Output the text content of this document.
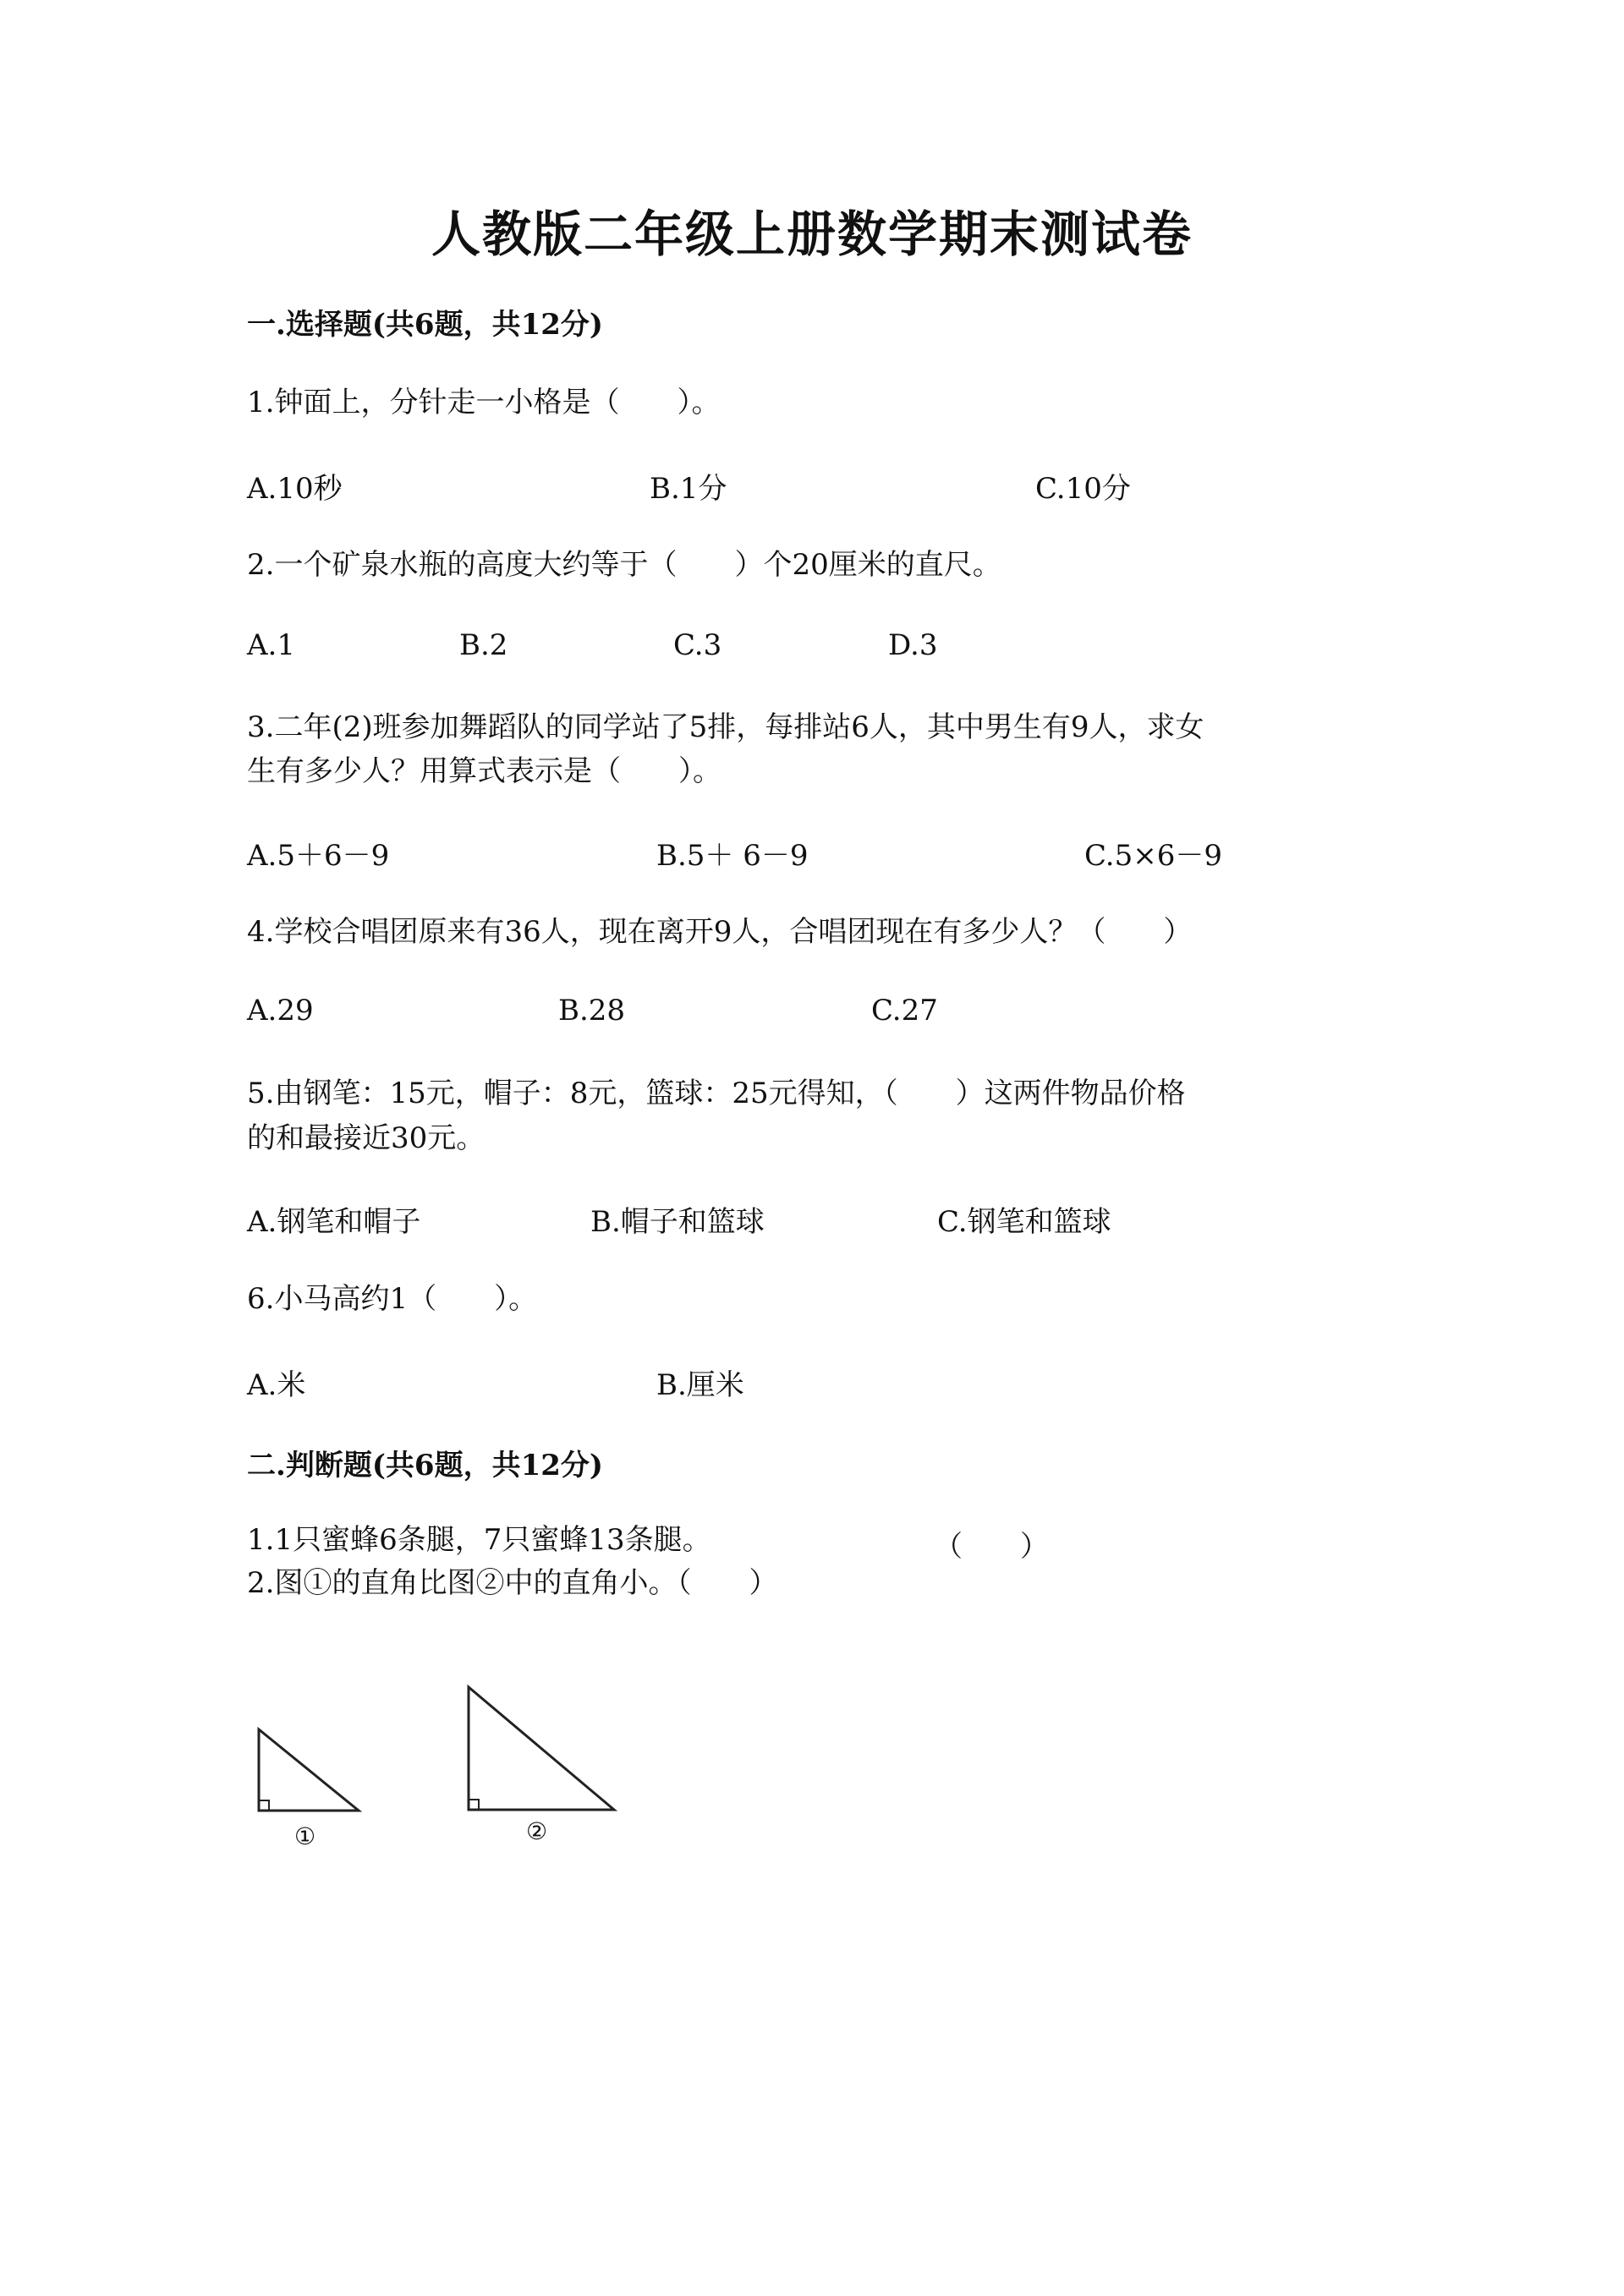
人教版二年级上册数学期末测试卷
一.选择题(共6题，共12分)
1.钟面上，分针走一小格是（　　）。
A.10秒	B.1分	C.10分
2.一个矿泉水瓶的高度大约等于（　　）个20厘米的直尺。
A.1	B.2	C.3	D.3
3.二年(2)班参加舞蹈队的同学站了5排，每排站6人，其中男生有9人，求女
生有多少人？用算式表示是（　　）。
A.5＋6－9	B.5＋ 6－9	C.5×6－9
4.学校合唱团原来有36人，现在离开9人，合唱团现在有多少人？（　　）
A.29	B.28	C.27
5.由钢笔：15元，帽子：8元，篮球：25元得知，（　　）这两件物品价格
的和最接近30元。
A.钢笔和帽子	B.帽子和篮球	C.钢笔和篮球
6.小马高约1（　　）。
A.米	B.厘米
二.判断题(共6题，共12分)
1.1只蜜蜂6条腿，7只蜜蜂13条腿。	（　　）
2.图①的直角比图②中的直角小。（　　）
①	②
